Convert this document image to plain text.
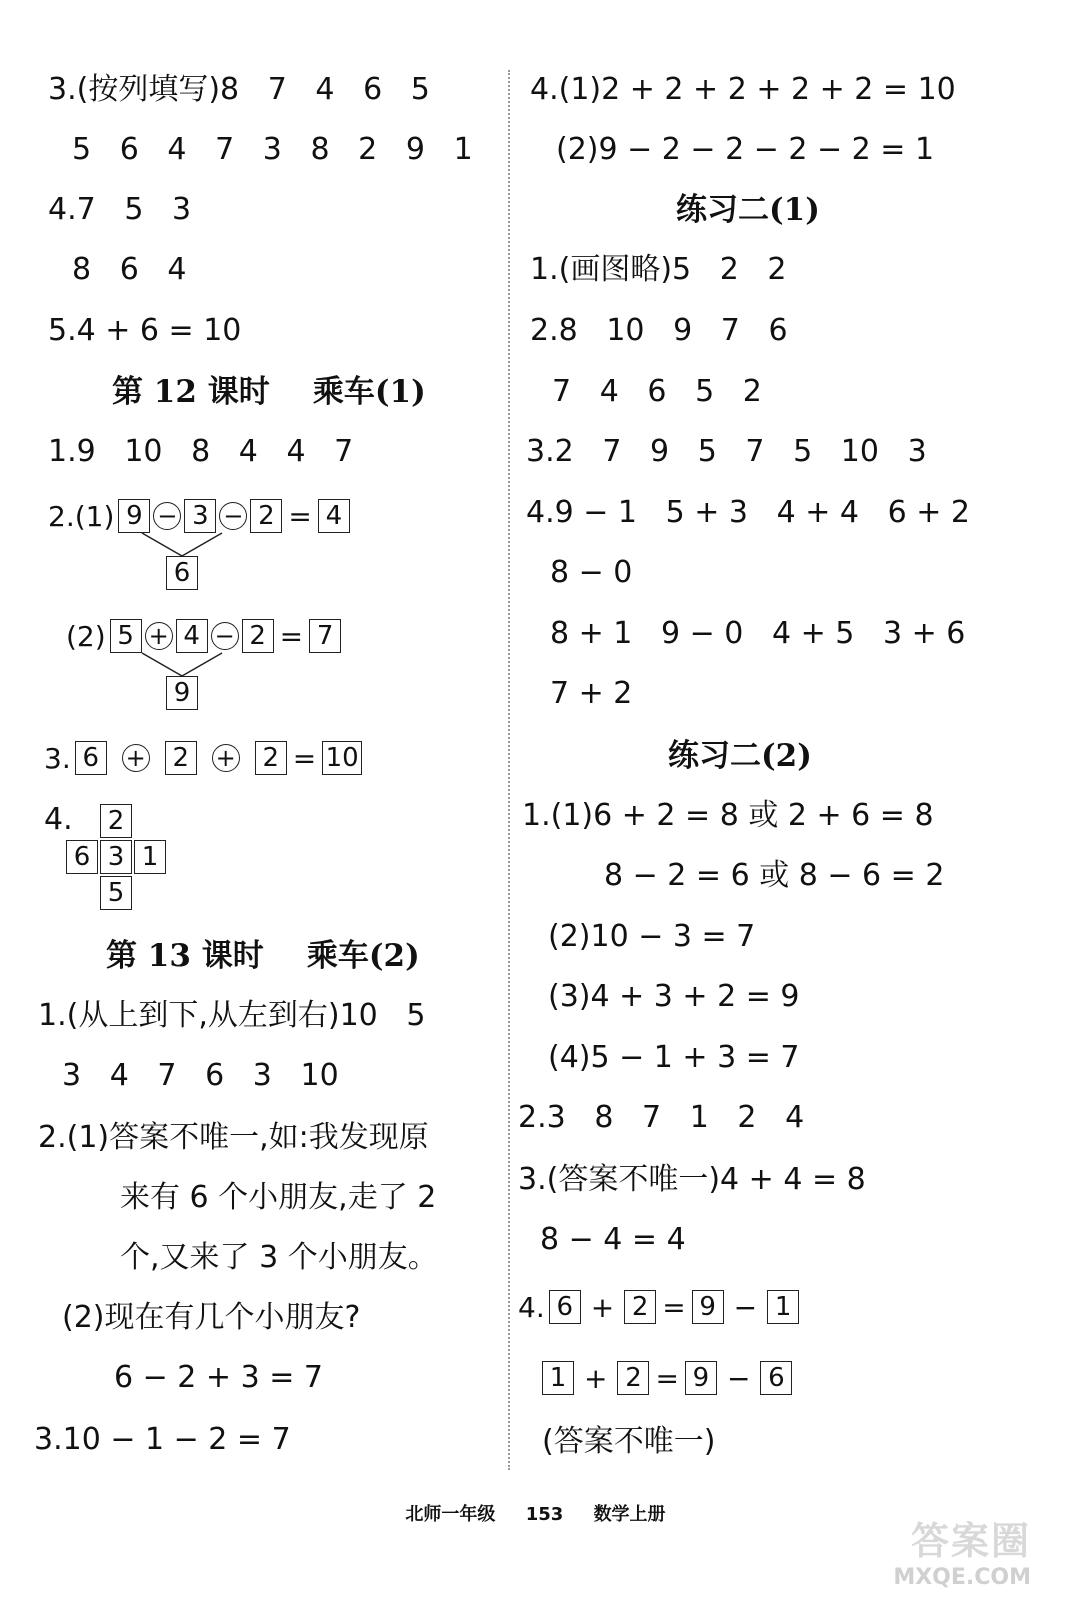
3.(按列填写)8   7   4   6   5
5   6   4   7   3   8   2   9   1
4.7   5   3
8   6   4
5.4 + 6 = 10
第 12 课时    乘车(1)
1.9   10   8   4   4   7
2.(1) 9 − 3 − 2 = 4
6
(2) 5 + 4 − 2 = 7
9
3. 6	+ 2	+ 2 = 10
4. 2
6 3 1
5
第 13 课时    乘车(2)
1.(从上到下,从左到右)10   5
3   4   7   6   3   10
2.(1)答案不唯一,如:我发现原
来有 6 个小朋友,走了 2
个,又来了 3 个小朋友。
(2)现在有几个小朋友?
6 − 2 + 3 = 7
3.10 − 1 − 2 = 7
4.(1)2 + 2 + 2 + 2 + 2 = 10
(2)9 − 2 − 2 − 2 − 2 = 1
练习二(1)
1.(画图略)5   2   2
2.8   10   9   7   6
7   4   6   5   2
3.2   7   9   5   7   5   10   3
4.9 − 1   5 + 3   4 + 4   6 + 2
8 − 0
8 + 1   9 − 0   4 + 5   3 + 6
7 + 2
练习二(2)
1.(1)6 + 2 = 8 或 2 + 6 = 8
8 − 2 = 6 或 8 − 6 = 2
(2)10 − 3 = 7
(3)4 + 3 + 2 = 9
(4)5 − 1 + 3 = 7
2.3   8   7   1   2   4
3.(答案不唯一)4 + 4 = 8
8 − 4 = 4
4. 6 + 2 = 9 − 1
1 + 2 = 9 − 6
(答案不唯一)
北师一年级 153 数学上册
答案圈
MXQE.COM
